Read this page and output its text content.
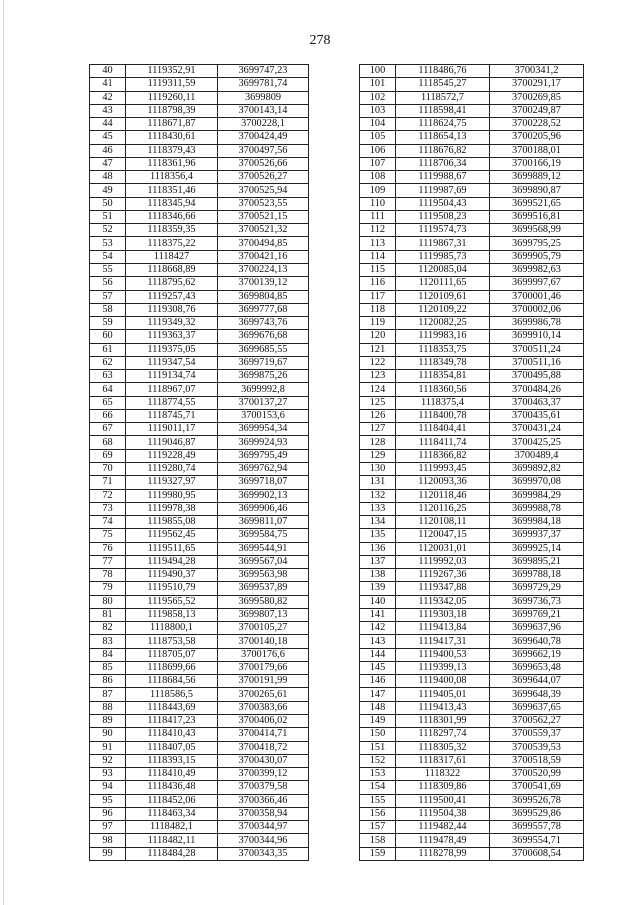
278
40	1119352,91	3699747,23
41	1119311,59	3699781,74
42	1119260,11	3699809
43	1118798,39	3700143,14
44	1118671,87	3700228,1
45	1118430,61	3700424,49
46	1118379,43	3700497,56
47	1118361,96	3700526,66
48	1118356,4	3700526,27
49	1118351,46	3700525,94
50	1118345,94	3700523,55
51	1118346,66	3700521,15
52	1118359,35	3700521,32
53	1118375,22	3700494,85
54	1118427	3700421,16
55	1118668,89	3700224,13
56	1118795,62	3700139,12
57	1119257,43	3699804,85
58	1119308,76	3699777,68
59	1119349,32	3699743,76
60	1119363,37	3699676,68
61	1119375,05	3699685,55
62	1119347,54	3699719,67
63	1119134,74	3699875,26
64	1118967,07	3699992,8
65	1118774,55	3700137,27
66	1118745,71	3700153,6
67	1119011,17	3699954,34
68	1119046,87	3699924,93
69	1119228,49	3699795,49
70	1119280,74	3699762,94
71	1119327,97	3699718,07
72	1119980,95	3699902,13
73	1119978,38	3699906,46
74	1119855,08	3699811,07
75	1119562,45	3699584,75
76	1119511,65	3699544,91
77	1119494,28	3699567,04
78	1119490,37	3699563,98
79	1119510,79	3699537,89
80	1119565,52	3699580,82
81	1119858,13	3699807,13
82	1118800,1	3700105,27
83	1118753,58	3700140,18
84	1118705,07	3700176,6
85	1118699,66	3700179,66
86	1118684,56	3700191,99
87	1118586,5	3700265,61
88	1118443,69	3700383,66
89	1118417,23	3700406,02
90	1118410,43	3700414,71
91	1118407,05	3700418,72
92	1118393,15	3700430,07
93	1118410,49	3700399,12
94	1118436,48	3700379,58
95	1118452,06	3700366,46
96	1118463,34	3700358,94
97	1118482,1	3700344,97
98	1118482,11	3700344,96
99	1118484,28	3700343,35
100	1118486,76	3700341,2
101	1118545,27	3700291,17
102	1118572,7	3700269,85
103	1118598,41	3700249,87
104	1118624,75	3700228,52
105	1118654,13	3700205,96
106	1118676,82	3700188,01
107	1118706,34	3700166,19
108	1119988,67	3699889,12
109	1119987,69	3699890,87
110	1119504,43	3699521,65
111	1119508,23	3699516,81
112	1119574,73	3699568,99
113	1119867,31	3699795,25
114	1119985,73	3699905,79
115	1120085,04	3699982,63
116	1120111,65	3699997,67
117	1120109,61	3700001,46
118	1120109,22	3700002,06
119	1120082,25	3699986,78
120	1119983,16	3699910,14
121	1118353,75	3700511,24
122	1118349,78	3700511,16
123	1118354,81	3700495,88
124	1118360,56	3700484,26
125	1118375,4	3700463,37
126	1118400,78	3700435,61
127	1118404,41	3700431,24
128	1118411,74	3700425,25
129	1118366,82	3700489,4
130	1119993,45	3699892,82
131	1120093,36	3699970,08
132	1120118,46	3699984,29
133	1120116,25	3699988,78
134	1120108,11	3699984,18
135	1120047,15	3699937,37
136	1120031,01	3699925,14
137	1119992,03	3699895,21
138	1119267,36	3699788,18
139	1119347,88	3699729,29
140	1119342,05	3699736,73
141	1119303,18	3699769,21
142	1119413,84	3699637,96
143	1119417,31	3699640,78
144	1119400,53	3699662,19
145	1119399,13	3699653,48
146	1119400,08	3699644,07
147	1119405,01	3699648,39
148	1119413,43	3699637,65
149	1118301,99	3700562,27
150	1118297,74	3700559,37
151	1118305,32	3700539,53
152	1118317,61	3700518,59
153	1118322	3700520,99
154	1118309,86	3700541,69
155	1119500,41	3699526,78
156	1119504,38	3699529,86
157	1119482,44	3699557,78
158	1119478,49	3699554,71
159	1118278,99	3700608,54
